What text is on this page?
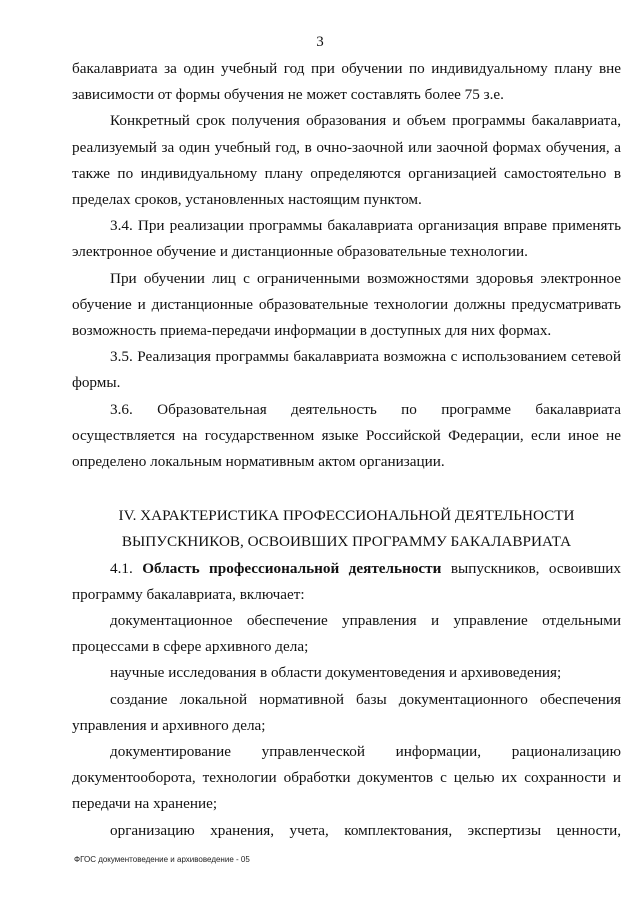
3

бакалавриата за один учебный год при обучении по индивидуальному плану вне зависимости от формы обучения не может составлять более 75 з.е.

Конкретный срок получения образования и объем программы бакалавриата, реализуемый за один учебный год, в очно-заочной или заочной формах обучения, а также по индивидуальному плану определяются организацией самостоятельно в пределах сроков, установленных настоящим пунктом.

3.4. При реализации программы бакалавриата организация вправе применять электронное обучение и дистанционные образовательные технологии.

При обучении лиц с ограниченными возможностями здоровья электронное обучение и дистанционные образовательные технологии должны предусматривать возможность приема-передачи информации в доступных для них формах.

3.5. Реализация программы бакалавриата возможна с использованием сетевой формы.

3.6. Образовательная деятельность по программе бакалавриата осуществляется на государственном языке Российской Федерации, если иное не определено локальным нормативным актом организации.

IV. ХАРАКТЕРИСТИКА ПРОФЕССИОНАЛЬНОЙ ДЕЯТЕЛЬНОСТИ

ВЫПУСКНИКОВ, ОСВОИВШИХ ПРОГРАММУ БАКАЛАВРИАТА

4.1. Область профессиональной деятельности выпускников, освоивших программу бакалавриата, включает:

документационное обеспечение управления и управление отдельными процессами в сфере архивного дела;

научные исследования в области документоведения и архивоведения;

создание локальной нормативной базы документационного обеспечения управления и архивного дела;

документирование управленческой информации, рационализацию документооборота, технологии обработки документов с целью их сохранности и передачи на хранение;

организацию хранения, учета, комплектования, экспертизы ценности,

ФГОС документоведение и архивоведение - 05
